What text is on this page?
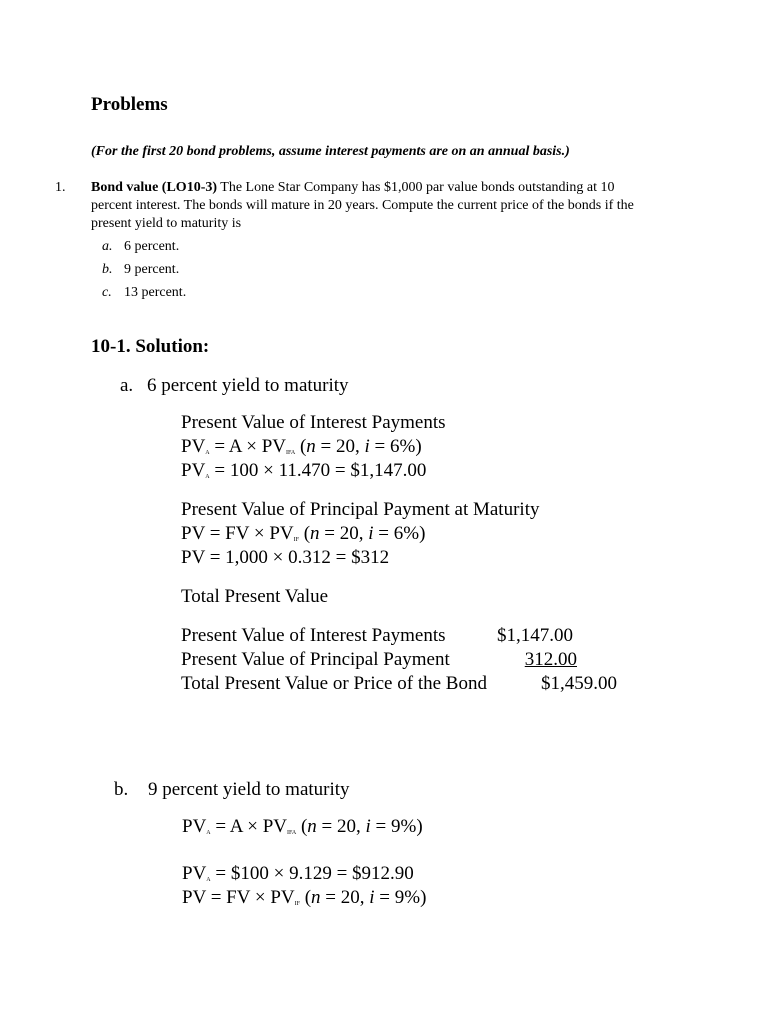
Problems
(For the first 20 bond problems, assume interest payments are on an annual basis.)
1. Bond value (LO10-3) The Lone Star Company has $1,000 par value bonds outstanding at 10
percent interest. The bonds will mature in 20 years. Compute the current price of the bonds if the
present yield to maturity is
a. 6 percent.
b. 9 percent.
c. 13 percent.
10-1. Solution:
a. 6 percent yield to maturity
Present Value of Interest Payments
PVA = A × PVIFA (n = 20, i = 6%)
PVA = 100 × 11.470 = $1,147.00
Present Value of Principal Payment at Maturity
PV = FV × PVIF (n = 20, i = 6%)
PV = 1,000 × 0.312 = $312
Total Present Value
Present Value of Interest Payments	$1,147.00
Present Value of Principal Payment	312.00
Total Present Value or Price of the Bond	$1,459.00
b. 9 percent yield to maturity
PVA = A × PVIFA (n = 20, i = 9%)
PVA = $100 × 9.129 = $912.90
PV = FV × PVIF (n = 20, i = 9%)
